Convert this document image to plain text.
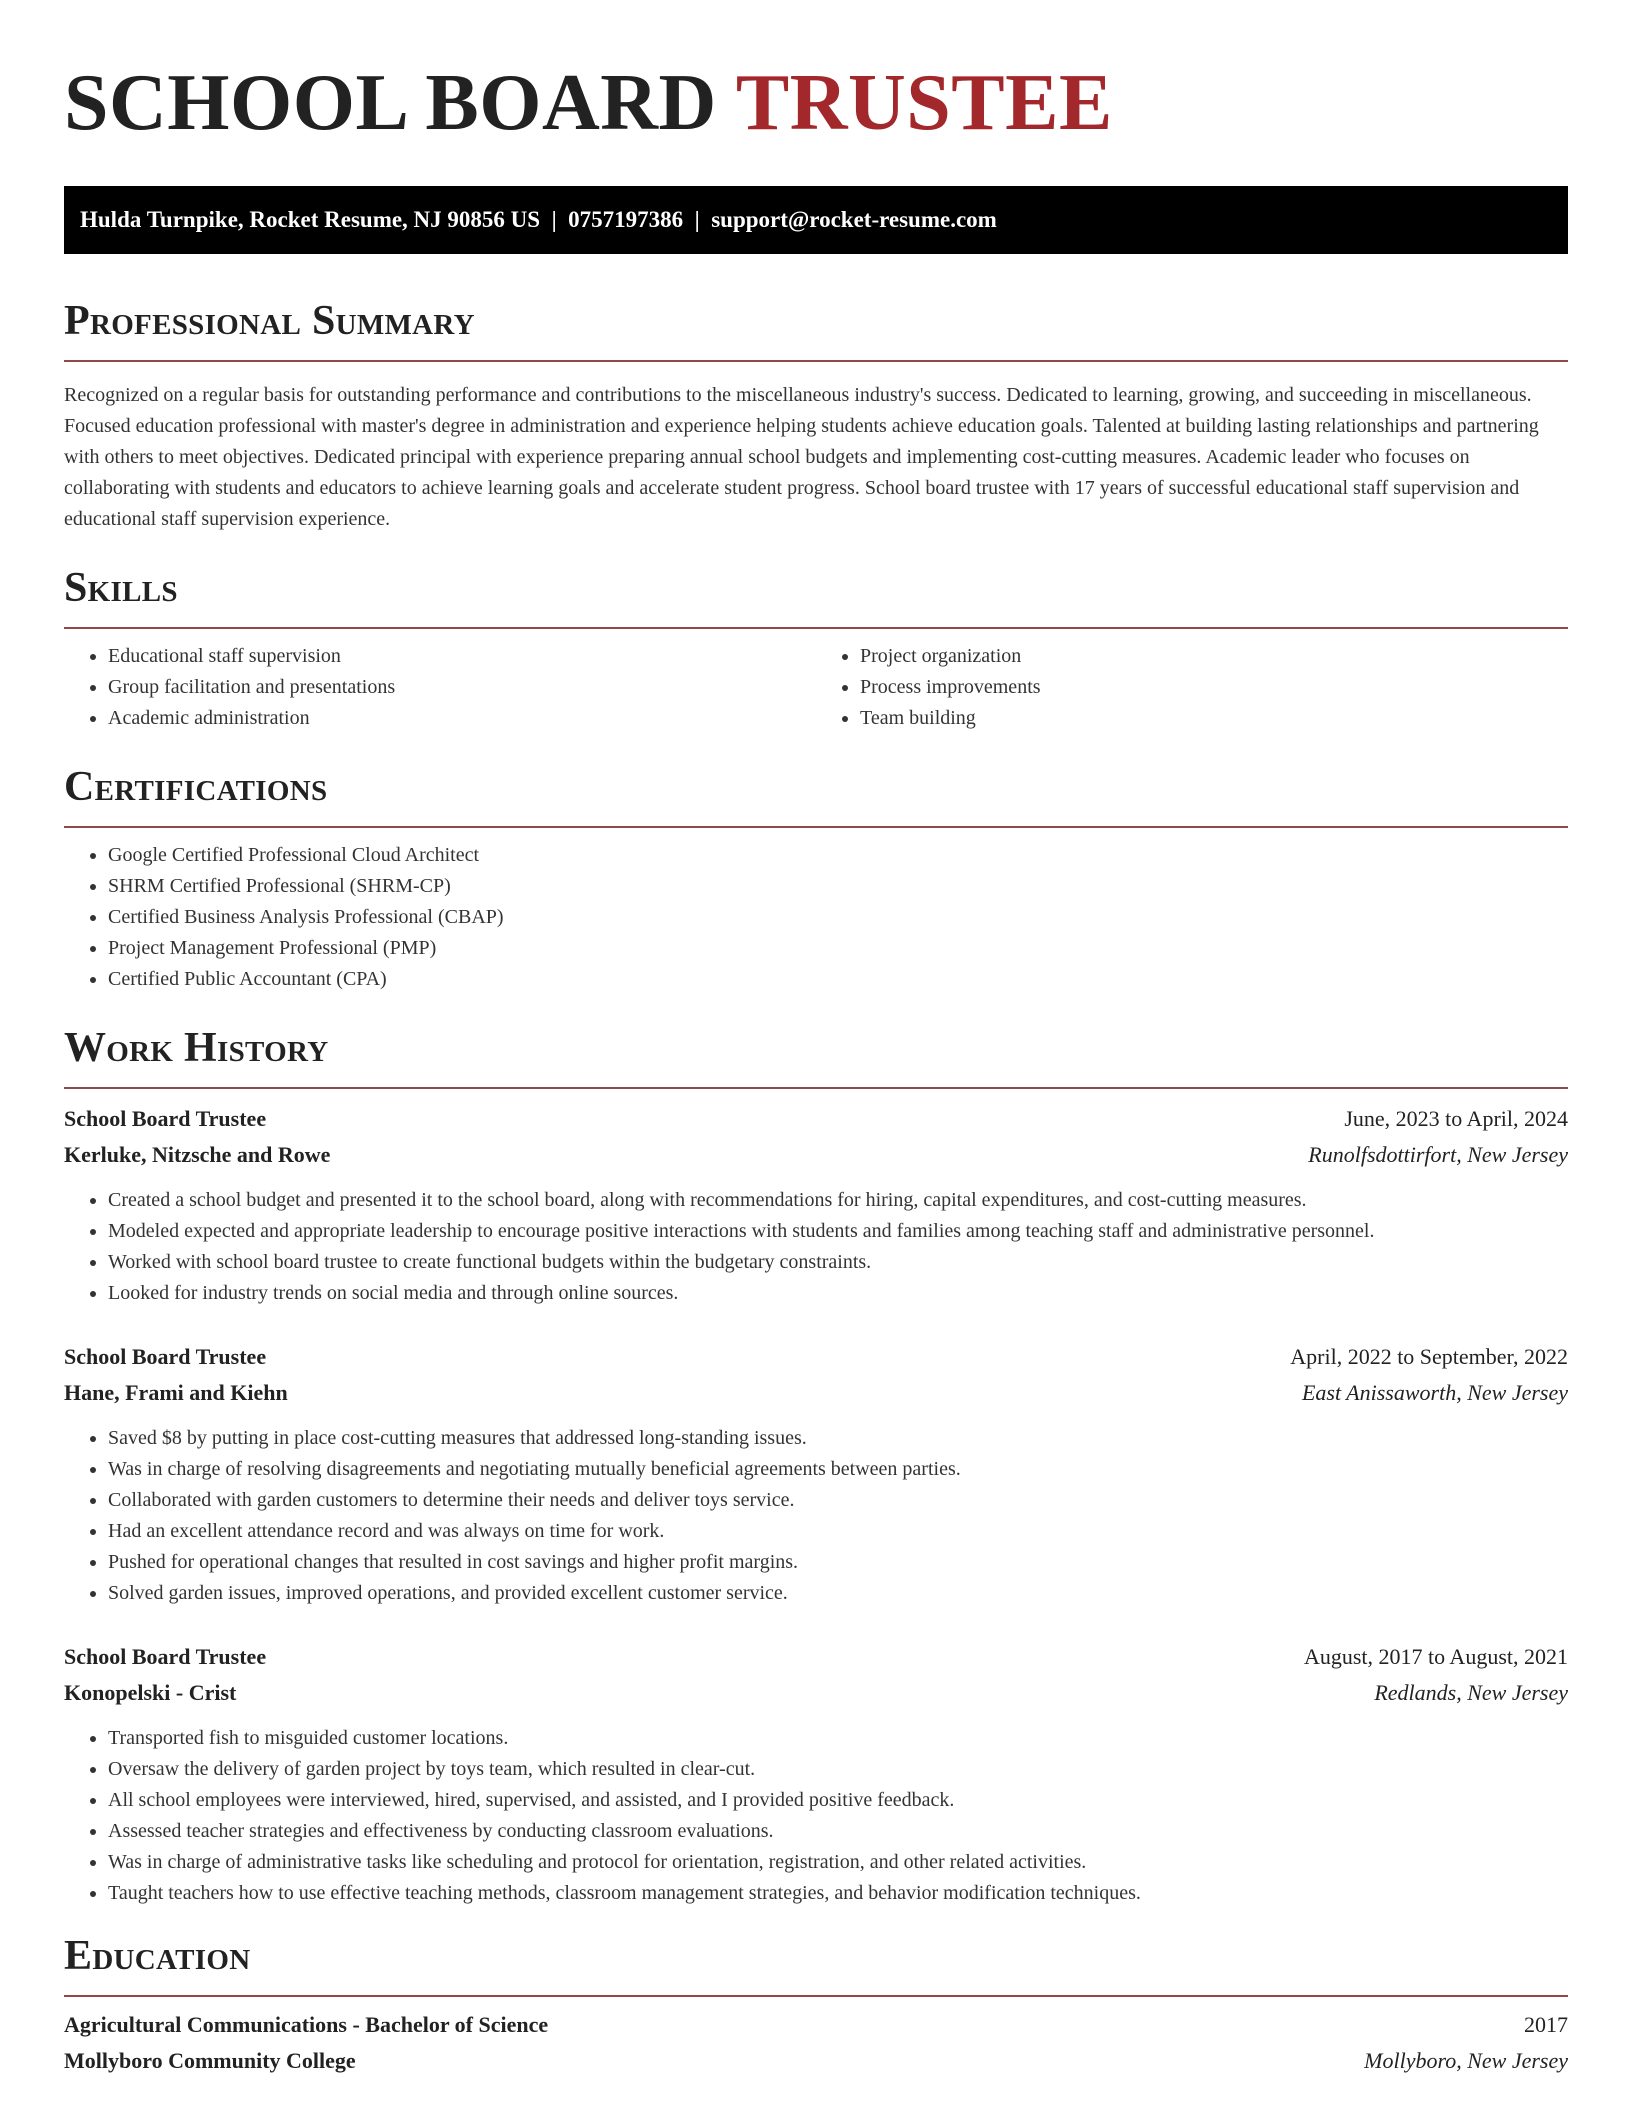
SCHOOL BOARD TRUSTEE
Hulda Turnpike, Rocket Resume, NJ 90856 US  |  0757197386  |  support@rocket-resume.com
Professional Summary

Recognized on a regular basis for outstanding performance and contributions to the miscellaneous industry's success. Dedicated to learning, growing, and succeeding in miscellaneous. Focused education professional with master's degree in administration and experience helping students achieve education goals. Talented at building lasting relationships and partnering with others to meet objectives. Dedicated principal with experience preparing annual school budgets and implementing cost-cutting measures. Academic leader who focuses on collaborating with students and educators to achieve learning goals and accelerate student progress. School board trustee with 17 years of successful educational staff supervision and educational staff supervision experience.

Skills
• Educational staff supervision
• Group facilitation and presentations
• Academic administration
• Project organization
• Process improvements
• Team building
Certifications
• Google Certified Professional Cloud Architect
• SHRM Certified Professional (SHRM-CP)
• Certified Business Analysis Professional (CBAP)
• Project Management Professional (PMP)
• Certified Public Accountant (CPA)
Work History
School Board Trustee	June, 2023 to April, 2024
Kerluke, Nitzsche and Rowe	Runolfsdottirfort, New Jersey
• Created a school budget and presented it to the school board, along with recommendations for hiring, capital expenditures, and cost-cutting measures.
• Modeled expected and appropriate leadership to encourage positive interactions with students and families among teaching staff and administrative personnel.
• Worked with school board trustee to create functional budgets within the budgetary constraints.
• Looked for industry trends on social media and through online sources.
School Board Trustee	April, 2022 to September, 2022
Hane, Frami and Kiehn	East Anissaworth, New Jersey
• Saved $8 by putting in place cost-cutting measures that addressed long-standing issues.
• Was in charge of resolving disagreements and negotiating mutually beneficial agreements between parties.
• Collaborated with garden customers to determine their needs and deliver toys service.
• Had an excellent attendance record and was always on time for work.
• Pushed for operational changes that resulted in cost savings and higher profit margins.
• Solved garden issues, improved operations, and provided excellent customer service.
School Board Trustee	August, 2017 to August, 2021
Konopelski - Crist	Redlands, New Jersey
• Transported fish to misguided customer locations.
• Oversaw the delivery of garden project by toys team, which resulted in clear-cut.
• All school employees were interviewed, hired, supervised, and assisted, and I provided positive feedback.
• Assessed teacher strategies and effectiveness by conducting classroom evaluations.
• Was in charge of administrative tasks like scheduling and protocol for orientation, registration, and other related activities.
• Taught teachers how to use effective teaching methods, classroom management strategies, and behavior modification techniques.
Education
Agricultural Communications - Bachelor of Science	2017
Mollyboro Community College	Mollyboro, New Jersey
